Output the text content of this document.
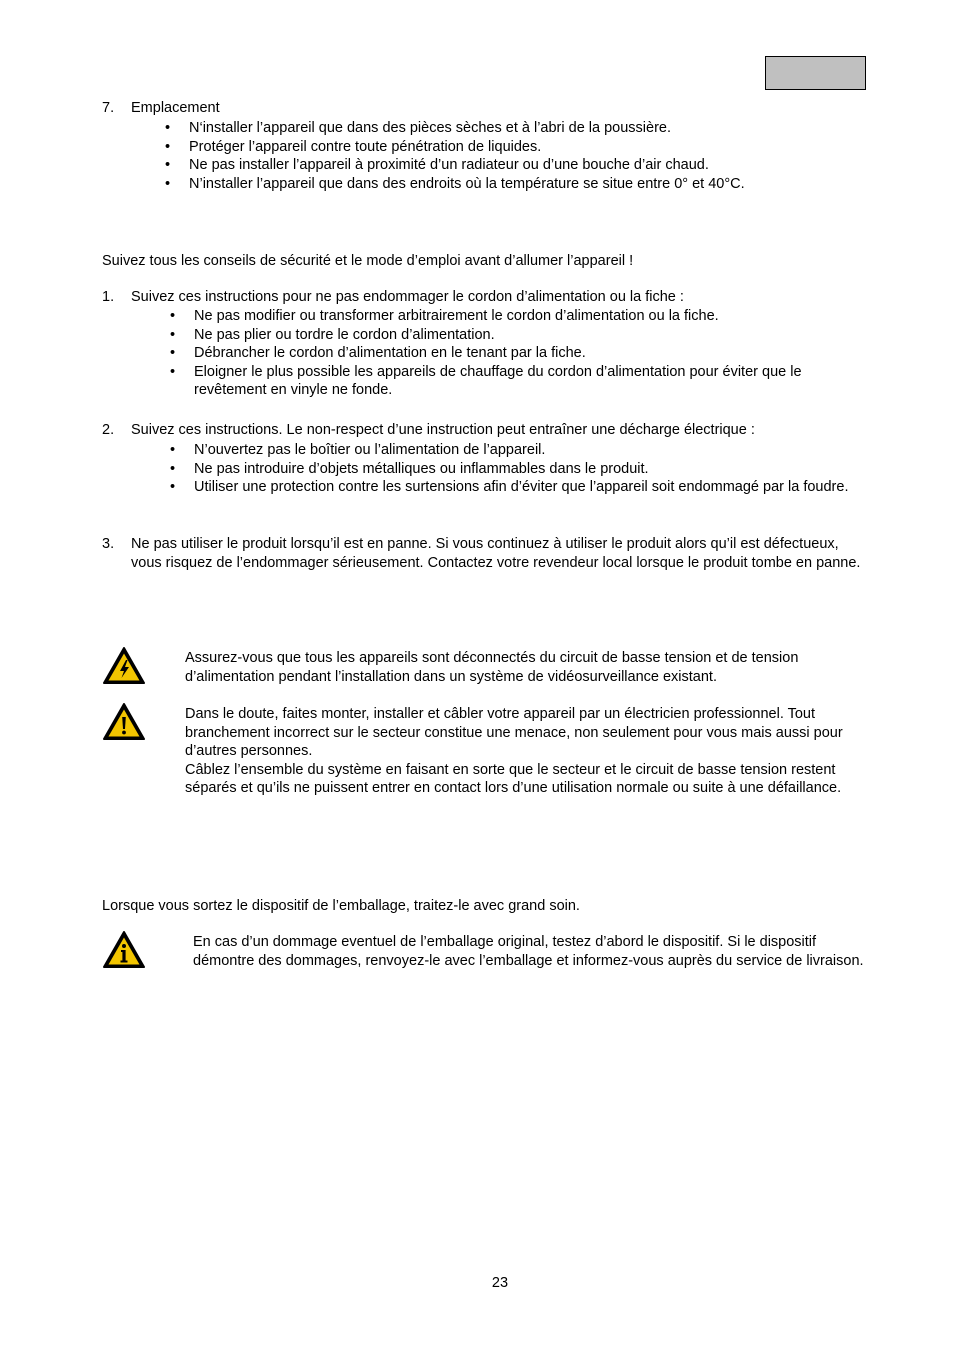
7. Emplacement
• N‘installer l’appareil que dans des pièces sèches et à l’abri de la poussière.
• Protéger l’appareil contre toute pénétration de liquides.
• Ne pas installer l’appareil à proximité d’un radiateur ou d’une bouche d’air chaud.
• N’installer l’appareil que dans des endroits où la température se situe entre 0° et 40°C.
Suivez tous les conseils de sécurité et le mode d’emploi avant d’allumer l’appareil !
1. Suivez ces instructions pour ne pas endommager le cordon d’alimentation ou la fiche :
• Ne pas modifier ou transformer arbitrairement le cordon d’alimentation ou la fiche.
• Ne pas plier ou tordre le cordon d’alimentation.
• Débrancher le cordon d’alimentation en le tenant par la fiche.
• Eloigner le plus possible les appareils de chauffage du cordon d’alimentation pour éviter que le revêtement en vinyle ne fonde.
2. Suivez ces instructions. Le non-respect d’une instruction peut entraîner une décharge électrique :
• N’ouvertez pas le boîtier ou l’alimentation de l’appareil.
• Ne pas introduire d’objets métalliques ou inflammables dans le produit.
• Utiliser une protection contre les surtensions afin d’éviter que l’appareil soit endommagé par la foudre.
3. Ne pas utiliser le produit lorsqu’il est en panne. Si vous continuez à utiliser le produit alors qu’il est défectueux, vous risquez de l’endommager sérieusement. Contactez votre revendeur local lorsque le produit tombe en panne.
Assurez-vous que tous les appareils sont déconnectés du circuit de basse tension et de tension d’alimentation pendant l’installation dans un système de vidéosurveillance existant.
Dans le doute, faites monter, installer et câbler votre appareil par un électricien professionnel. Tout branchement incorrect sur le secteur constitue une menace, non seulement pour vous mais aussi pour d’autres personnes.
Câblez l’ensemble du système en faisant en sorte que le secteur et le circuit de basse tension restent séparés et qu’ils ne puissent entrer en contact lors d’une utilisation normale ou suite à une défaillance.
Lorsque vous sortez le dispositif de l’emballage, traitez-le avec grand soin.
En cas d’un dommage eventuel de l’emballage original, testez d’abord le dispositif. Si le dispositif démontre des dommages, renvoyez-le avec l’emballage et informez-vous auprès du service de livraison.
23
